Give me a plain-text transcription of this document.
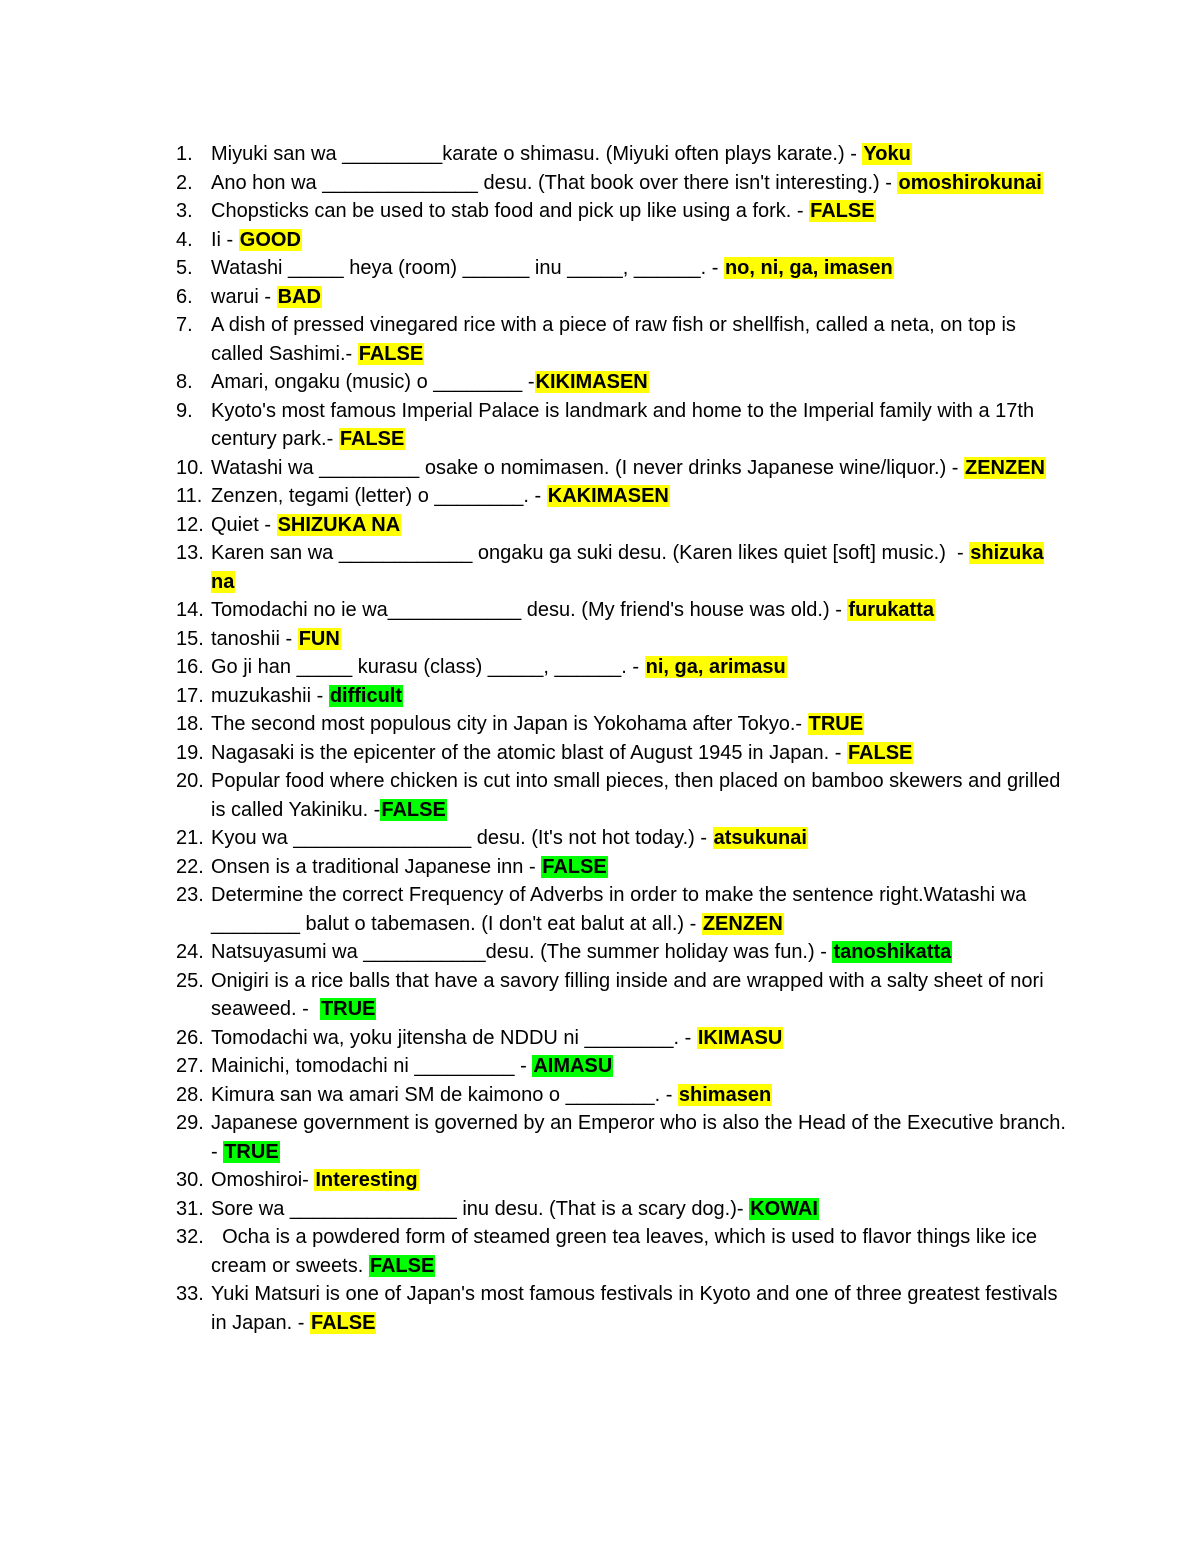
1. Miyuki san wa _________karate o shimasu. (Miyuki often plays karate.) - Yoku
2. Ano hon wa ______________ desu. (That book over there isn't interesting.) - omoshirokunai
3. Chopsticks can be used to stab food and pick up like using a fork. - FALSE
4. Ii - GOOD
5. Watashi _____ heya (room) ______ inu _____, ______. - no, ni, ga, imasen
6. warui - BAD
7. A dish of pressed vinegared rice with a piece of raw fish or shellfish, called a neta, on top is called Sashimi.- FALSE
8. Amari, ongaku (music) o ________ -KIKIMASEN
9. Kyoto's most famous Imperial Palace is landmark and home to the Imperial family with a 17th century park.- FALSE
10. Watashi wa _________ osake o nomimasen. (I never drinks Japanese wine/liquor.) - ZENZEN
11. Zenzen, tegami (letter) o ________. - KAKIMASEN
12. Quiet - SHIZUKA NA
13. Karen san wa ____________ ongaku ga suki desu. (Karen likes quiet [soft] music.)  - shizuka na
14. Tomodachi no ie wa____________ desu. (My friend's house was old.) - furukatta
15. tanoshii - FUN
16. Go ji han _____ kurasu (class) _____, ______. - ni, ga, arimasu
17. muzukashii - difficult
18. The second most populous city in Japan is Yokohama after Tokyo.- TRUE
19. Nagasaki is the epicenter of the atomic blast of August 1945 in Japan. - FALSE
20. Popular food where chicken is cut into small pieces, then placed on bamboo skewers and grilled is called Yakiniku. -FALSE
21. Kyou wa ________________ desu. (It's not hot today.) - atsukunai
22. Onsen is a traditional Japanese inn - FALSE
23. Determine the correct Frequency of Adverbs in order to make the sentence right.Watashi wa ________ balut o tabemasen. (I don't eat balut at all.) - ZENZEN
24. Natsuyasumi wa ___________desu. (The summer holiday was fun.) - tanoshikatta
25. Onigiri is a rice balls that have a savory filling inside and are wrapped with a salty sheet of nori seaweed. -  TRUE
26. Tomodachi wa, yoku jitensha de NDDU ni ________. - IKIMASU
27. Mainichi, tomodachi ni _________ - AIMASU
28. Kimura san wa amari SM de kaimono o ________. - shimasen
29. Japanese government is governed by an Emperor who is also the Head of the Executive branch. - TRUE
30. Omoshiroi- Interesting
31. Sore wa _______________ inu desu. (That is a scary dog.)- KOWAI
32. Ocha is a powdered form of steamed green tea leaves, which is used to flavor things like ice cream or sweets. FALSE
33. Yuki Matsuri is one of Japan's most famous festivals in Kyoto and one of three greatest festivals in Japan. - FALSE
